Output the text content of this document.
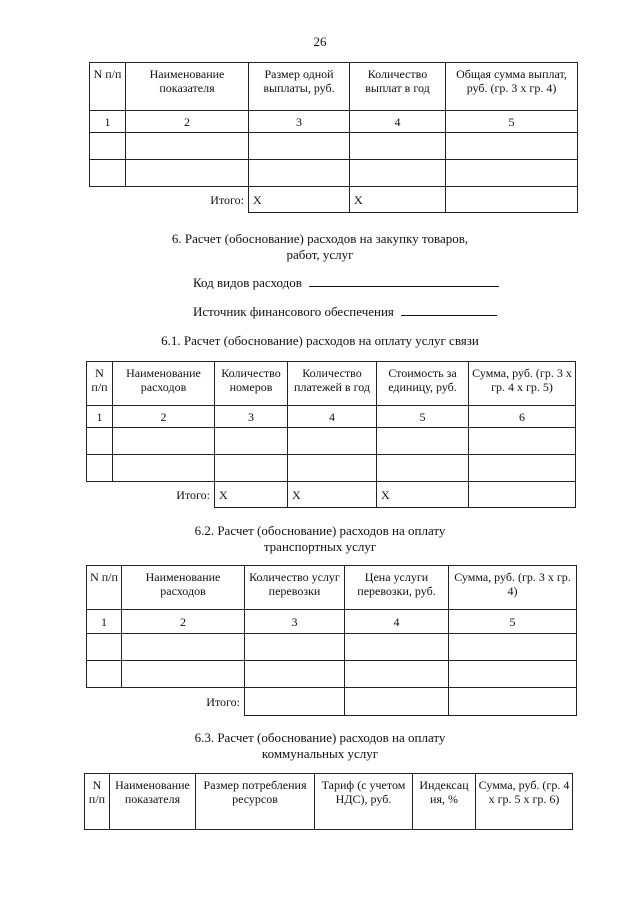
26
N п/п	Наименование показателя	Размер одной выплаты, руб.	Количество выплат в год	Общая сумма выплат, руб. (гр. 3 х гр. 4)
1	2	3	4	5

Итого:		X	X	
6. Расчет (обоснование) расходов на закупку товаров,
работ, услуг
Код видов расходов
Источник финансового обеспечения
6.1. Расчет (обоснование) расходов на оплату услуг связи
N п/п	Наименование расходов	Количество номеров	Количество платежей в год	Стоимость за единицу, руб.	Сумма, руб. (гр. 3 х гр. 4 х гр. 5)
1	2	3	4	5	6

Итого:		X	X	X	
6.2. Расчет (обоснование) расходов на оплату
транспортных услуг
N п/п	Наименование расходов	Количество услуг перевозки	Цена услуги перевозки, руб.	Сумма, руб. (гр. 3 х гр. 4)
1	2	3	4	5

Итого:				
6.3. Расчет (обоснование) расходов на оплату
коммунальных услуг
N п/п	Наименование показателя	Размер потребления ресурсов	Тариф (с учетом НДС), руб.	Индексац ия, %	Сумма, руб. (гр. 4 х гр. 5 х гр. 6)
